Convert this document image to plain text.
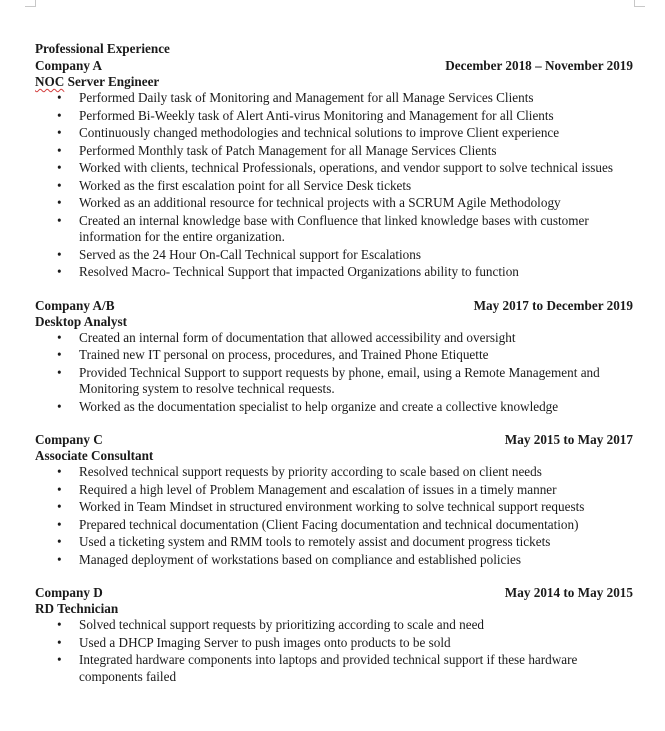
Professional Experience
Company A	December 2018 – November 2019
NOC Server Engineer
• Performed Daily task of Monitoring and Management for all Manage Services Clients
• Performed Bi-Weekly task of Alert Anti-virus Monitoring and Management for all Clients
• Continuously changed methodologies and technical solutions to improve Client experience
• Performed Monthly task of Patch Management for all Manage Services Clients
• Worked with clients, technical Professionals, operations, and vendor support to solve technical issues
• Worked as the first escalation point for all Service Desk tickets
• Worked as an additional resource for technical projects with a SCRUM Agile Methodology
• Created an internal knowledge base with Confluence that linked knowledge bases with customer information for the entire organization.
• Served as the 24 Hour On-Call Technical support for Escalations
• Resolved Macro- Technical Support that impacted Organizations ability to function
Company A/B	May 2017 to December 2019
Desktop Analyst
• Created an internal form of documentation that allowed accessibility and oversight
• Trained new IT personal on process, procedures, and Trained Phone Etiquette
• Provided Technical Support to support requests by phone, email, using a Remote Management and Monitoring system to resolve technical requests.
• Worked as the documentation specialist to help organize and create a collective knowledge
Company C	May 2015 to May 2017
Associate Consultant
• Resolved technical support requests by priority according to scale based on client needs
• Required a high level of Problem Management and escalation of issues in a timely manner
• Worked in Team Mindset in structured environment working to solve technical support requests
• Prepared technical documentation (Client Facing documentation and technical documentation)
• Used a ticketing system and RMM tools to remotely assist and document progress tickets
• Managed deployment of workstations based on compliance and established policies
Company D	May 2014 to May 2015
RD Technician
• Solved technical support requests by prioritizing according to scale and need
• Used a DHCP Imaging Server to push images onto products to be sold
• Integrated hardware components into laptops and provided technical support if these hardware components failed
